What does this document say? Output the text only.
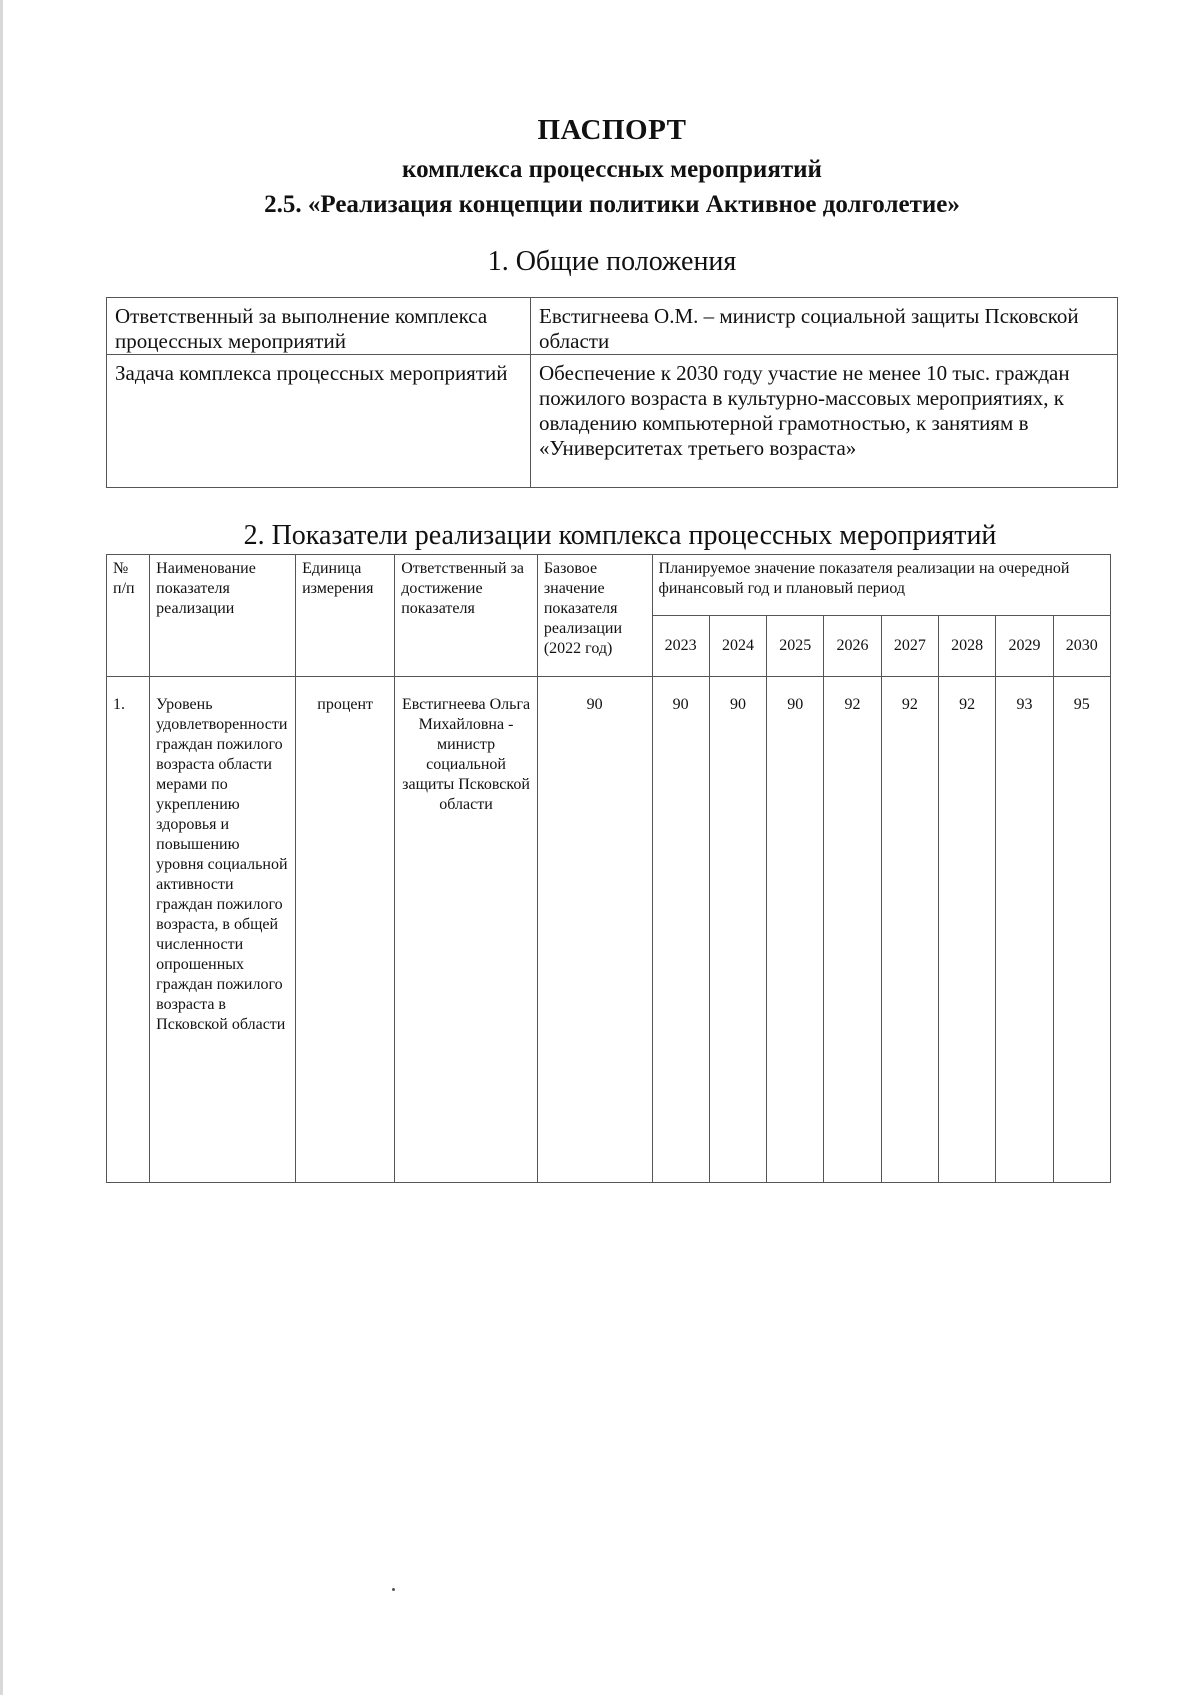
ПАСПОРТ
комплекса процессных мероприятий
2.5. «Реализация концепции политики Активное долголетие»
1. Общие положения
Ответственный за выполнение комплекса процессных мероприятий	Евстигнеева О.М. – министр социальной защиты Псковской области
Задача комплекса процессных мероприятий	Обеспечение к 2030 году участие не менее 10 тыс. граждан пожилого возраста в культурно-массовых мероприятиях, к овладению компьютерной грамотностью, к занятиям в «Университетах третьего возраста»
2. Показатели реализации комплекса процессных мероприятий
№ п/п	Наименование показателя реализации	Единица измерения	Ответственный за достижение показателя	Базовое значение показателя реализации (2022 год)	Планируемое значение показателя реализации на очередной финансовый год и плановый период							
					2023	2024	2025	2026	2027	2028	2029	2030
1.	Уровень удовлетворенности граждан пожилого возраста области мерами по укреплению здоровья и повышению уровня социальной активности граждан пожилого возраста, в общей численности опрошенных граждан пожилого возраста в Псковской области	процент	Евстигнеева Ольга Михайловна - министр социальной защиты Псковской области	90	90	90	90	92	92	92	93	95
